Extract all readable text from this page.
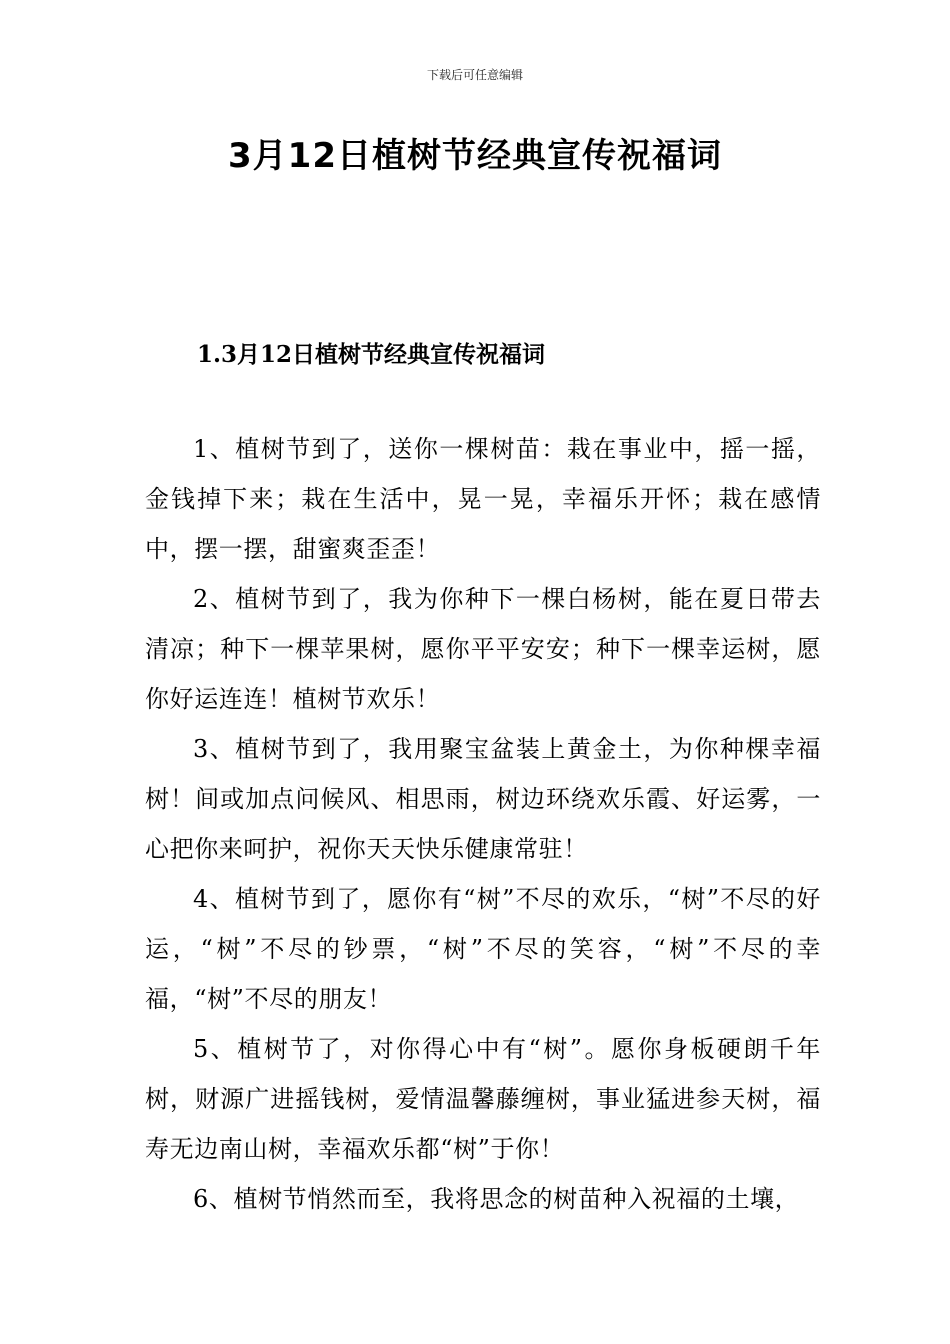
下载后可任意编辑
3月12日植树节经典宣传祝福词
1.3月12日植树节经典宣传祝福词

1、植树节到了，送你一棵树苗：栽在事业中，摇一摇，金钱掉下来；栽在生活中，晃一晃，幸福乐开怀；栽在感情中，摆一摆，甜蜜爽歪歪！

2、植树节到了，我为你种下一棵白杨树，能在夏日带去清凉；种下一棵苹果树，愿你平平安安；种下一棵幸运树，愿你好运连连！植树节欢乐！

3、植树节到了，我用聚宝盆装上黄金土，为你种棵幸福树！间或加点问候风、相思雨，树边环绕欢乐霞、好运雾，一心把你来呵护，祝你天天快乐健康常驻！

4、植树节到了，愿你有“树”不尽的欢乐，“树”不尽的好运，“树”不尽的钞票，“树”不尽的笑容，“树”不尽的幸福，“树”不尽的朋友！

5、植树节了，对你得心中有“树”。愿你身板硬朗千年树，财源广进摇钱树，爱情温馨藤缠树，事业猛进参天树，福寿无边南山树，幸福欢乐都“树”于你！

6、植树节悄然而至，我将思念的树苗种入祝福的土壤，
